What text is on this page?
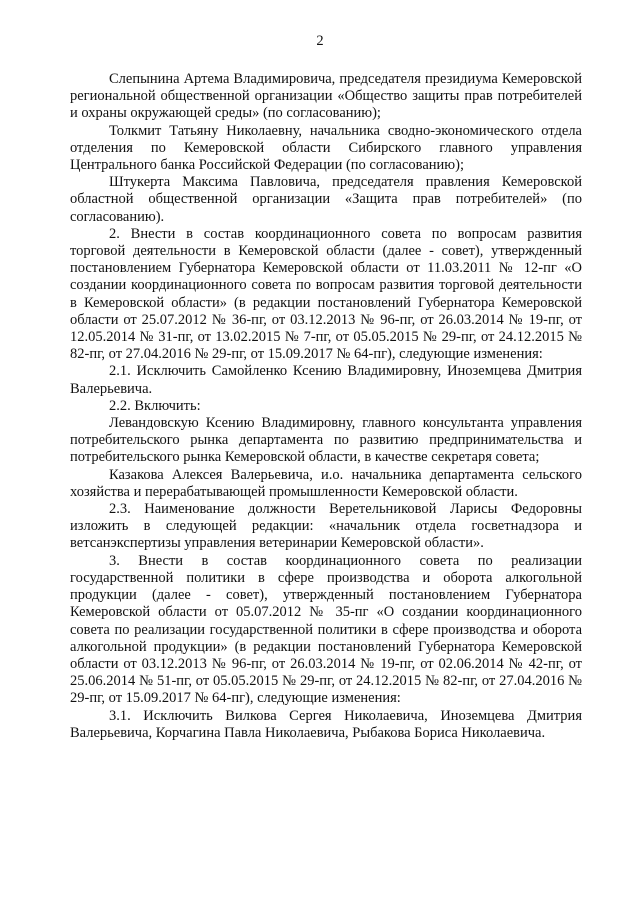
2

Слепынина Артема Владимировича, председателя президиума Кемеровской региональной общественной организации «Общество защиты прав потребителей и охраны окружающей среды» (по согласованию);

Толкмит Татьяну Николаевну, начальника сводно-экономического отдела отделения по Кемеровской области Сибирского главного управления Центрального банка Российской Федерации (по согласованию);

Штукерта Максима Павловича, председателя правления Кемеровской областной общественной организации «Защита прав потребителей» (по согласованию).

2. Внести в состав координационного совета по вопросам развития торговой деятельности в Кемеровской области (далее - совет), утвержденный постановлением Губернатора Кемеровской области от 11.03.2011 № 12-пг «О создании координационного совета по вопросам развития торговой деятельности в Кемеровской области» (в редакции постановлений Губернатора Кемеровской области от 25.07.2012 № 36-пг, от 03.12.2013 № 96-пг, от 26.03.2014 № 19-пг, от 12.05.2014 № 31-пг, от 13.02.2015 № 7-пг, от 05.05.2015 № 29-пг, от 24.12.2015 № 82-пг, от 27.04.2016 № 29-пг, от 15.09.2017 № 64-пг), следующие изменения:

2.1. Исключить Самойленко Ксению Владимировну, Иноземцева Дмитрия Валерьевича.

2.2. Включить:

Левандовскую Ксению Владимировну, главного консультанта управления потребительского рынка департамента по развитию предпринимательства и потребительского рынка Кемеровской области, в качестве секретаря совета;

Казакова Алексея Валерьевича, и.о. начальника департамента сельского хозяйства и перерабатывающей промышленности Кемеровской области.

2.3. Наименование должности Веретельниковой Ларисы Федоровны изложить в следующей редакции: «начальник отдела госветнадзора и ветсанэкспертизы управления ветеринарии Кемеровской области».

3. Внести в состав координационного совета по реализации государственной политики в сфере производства и оборота алкогольной продукции (далее - совет), утвержденный постановлением Губернатора Кемеровской области от 05.07.2012 № 35-пг «О создании координационного совета по реализации государственной политики в сфере производства и оборота алкогольной продукции» (в редакции постановлений Губернатора Кемеровской области от 03.12.2013 № 96-пг, от 26.03.2014 № 19-пг, от 02.06.2014 № 42-пг, от 25.06.2014 № 51-пг, от 05.05.2015 № 29-пг, от 24.12.2015 № 82-пг, от 27.04.2016 № 29-пг, от 15.09.2017 № 64-пг), следующие изменения:

3.1. Исключить Вилкова Сергея Николаевича, Иноземцева Дмитрия Валерьевича, Корчагина Павла Николаевича, Рыбакова Бориса Николаевича.
